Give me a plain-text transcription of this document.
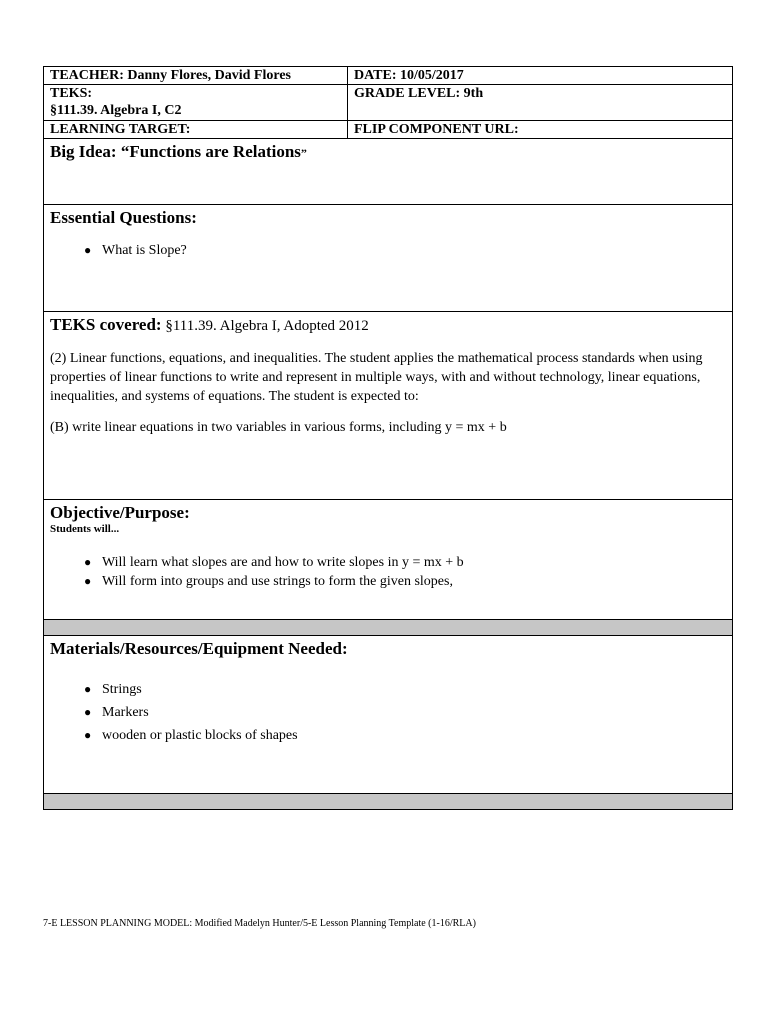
TEACHER: Danny Flores, David Flores	DATE: 10/05/2017
TEKS:
§111.39. Algebra I, C2
GRADE LEVEL: 9th
LEARNING TARGET:	FLIP COMPONENT URL:
Big Idea: “Functions are Relations”
Essential Questions:
● What is Slope?
TEKS covered: §111.39. Algebra I, Adopted 2012

(2) Linear functions, equations, and inequalities. The student applies the mathematical process standards when using properties of linear functions to write and represent in multiple ways, with and without technology, linear equations, inequalities, and systems of equations. The student is expected to:

(B) write linear equations in two variables in various forms, including y = mx + b

Objective/Purpose:
Students will...
● Will learn what slopes are and how to write slopes in y = mx + b
● Will form into groups and use strings to form the given slopes,
Materials/Resources/Equipment Needed:
● Strings
● Markers
● wooden or plastic blocks of shapes
7-E LESSON PLANNING MODEL: Modified Madelyn Hunter/5-E Lesson Planning Template (1-16/RLA)
